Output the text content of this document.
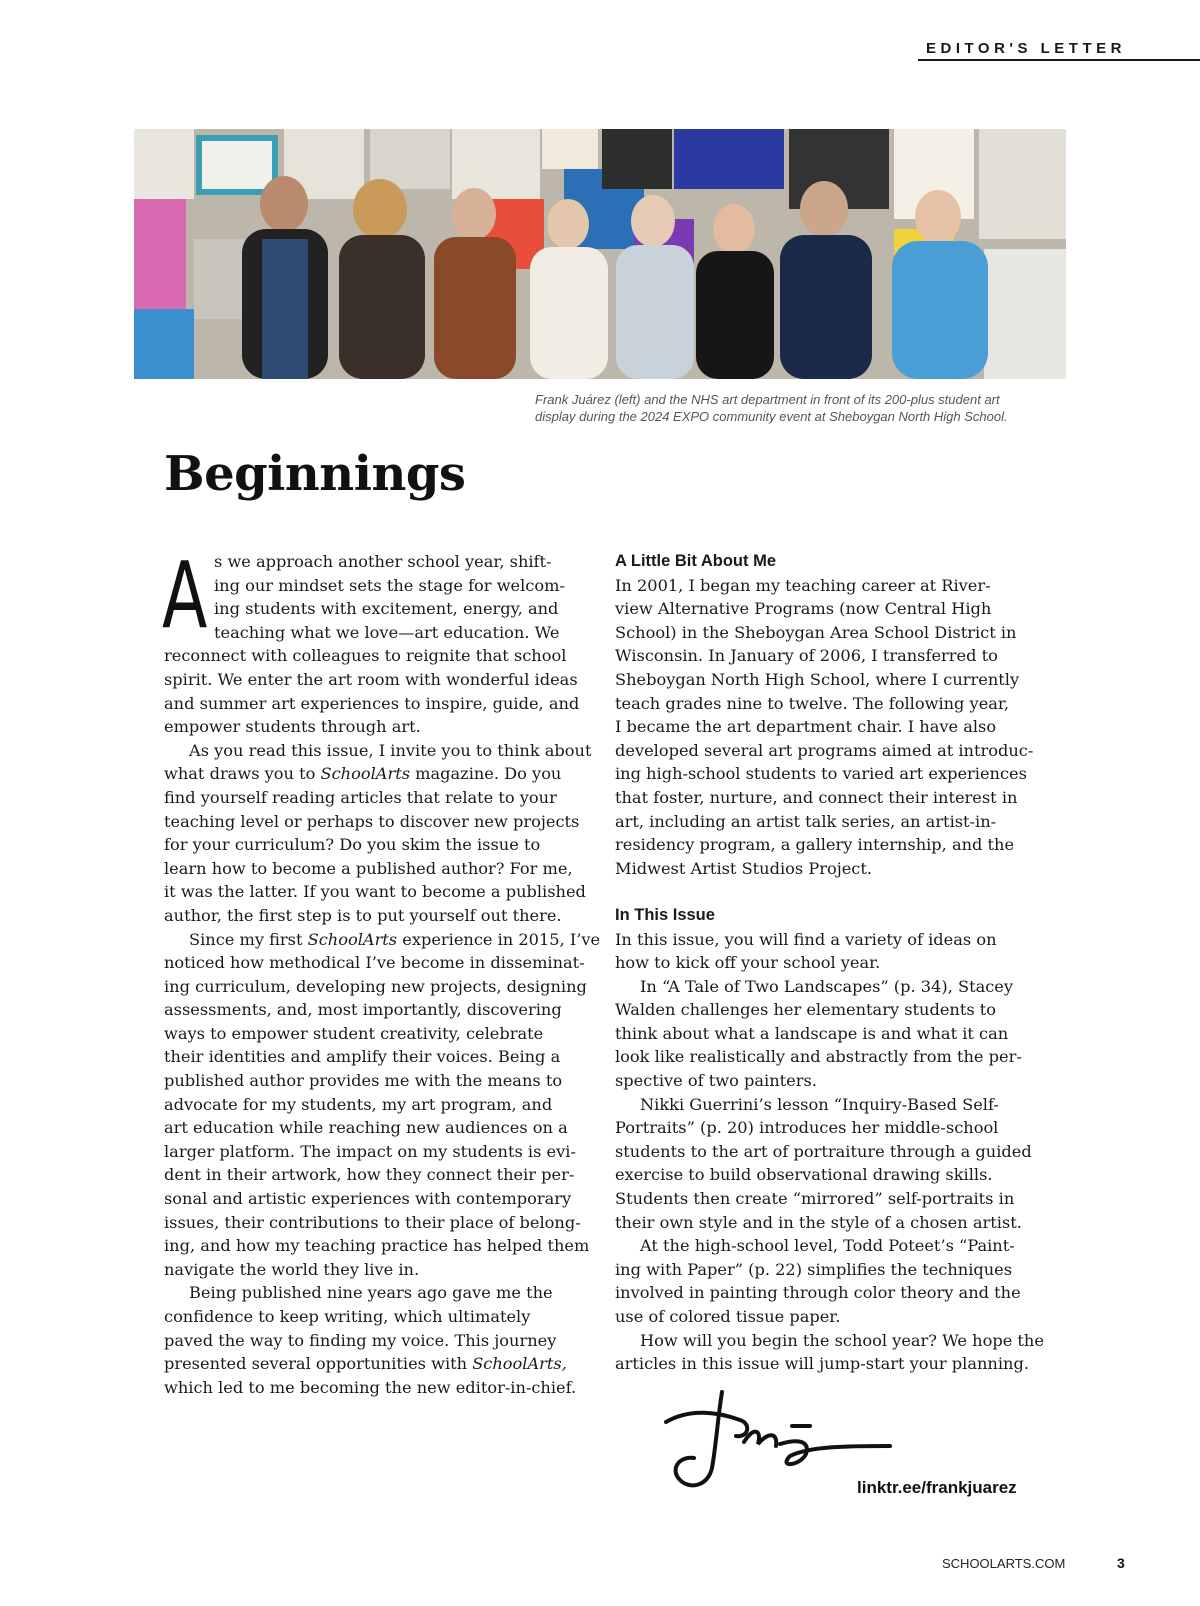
EDITOR'S LETTER
Frank Juárez (left) and the NHS art department in front of its 200-plus student art
display during the 2024 EXPO community event at Sheboygan North High School.
Beginnings
A s we approach another school year, shift-
ing our mindset sets the stage for welcom-
ing students with excitement, energy, and
teaching what we love—art education. We
reconnect with colleagues to reignite that school
spirit. We enter the art room with wonderful ideas
and summer art experiences to inspire, guide, and
empower students through art.
As you read this issue, I invite you to think about
what draws you to SchoolArts magazine. Do you
find yourself reading articles that relate to your
teaching level or perhaps to discover new projects
for your curriculum? Do you skim the issue to
learn how to become a published author? For me,
it was the latter. If you want to become a published
author, the first step is to put yourself out there.
Since my first SchoolArts experience in 2015, I’ve
noticed how methodical I’ve become in disseminat-
ing curriculum, developing new projects, designing
assessments, and, most importantly, discovering
ways to empower student creativity, celebrate
their identities and amplify their voices. Being a
published author provides me with the means to
advocate for my students, my art program, and
art education while reaching new audiences on a
larger platform. The impact on my students is evi-
dent in their artwork, how they connect their per-
sonal and artistic experiences with contemporary
issues, their contributions to their place of belong-
ing, and how my teaching practice has helped them
navigate the world they live in.
Being published nine years ago gave me the
confidence to keep writing, which ultimately
paved the way to finding my voice. This journey
presented several opportunities with SchoolArts,
which led to me becoming the new editor-in-chief.
A Little Bit About Me
In 2001, I began my teaching career at River-
view Alternative Programs (now Central High
School) in the Sheboygan Area School District in
Wisconsin. In January of 2006, I transferred to
Sheboygan North High School, where I currently
teach grades nine to twelve. The following year,
I became the art department chair. I have also
developed several art programs aimed at introduc-
ing high-school students to varied art experiences
that foster, nurture, and connect their interest in
art, including an artist talk series, an artist-in-
residency program, a gallery internship, and the
Midwest Artist Studios Project.
In This Issue
In this issue, you will find a variety of ideas on
how to kick off your school year.
In “A Tale of Two Landscapes” (p. 34), Stacey
Walden challenges her elementary students to
think about what a landscape is and what it can
look like realistically and abstractly from the per-
spective of two painters.
Nikki Guerrini’s lesson “Inquiry-Based Self-
Portraits” (p. 20) introduces her middle-school
students to the art of portraiture through a guided
exercise to build observational drawing skills.
Students then create “mirrored” self-portraits in
their own style and in the style of a chosen artist.
At the high-school level, Todd Poteet’s “Paint-
ing with Paper” (p. 22) simplifies the techniques
involved in painting through color theory and the
use of colored tissue paper.
How will you begin the school year? We hope the
articles in this issue will jump-start your planning.
linktr.ee/frankjuarez
SCHOOLARTS.COM	3
